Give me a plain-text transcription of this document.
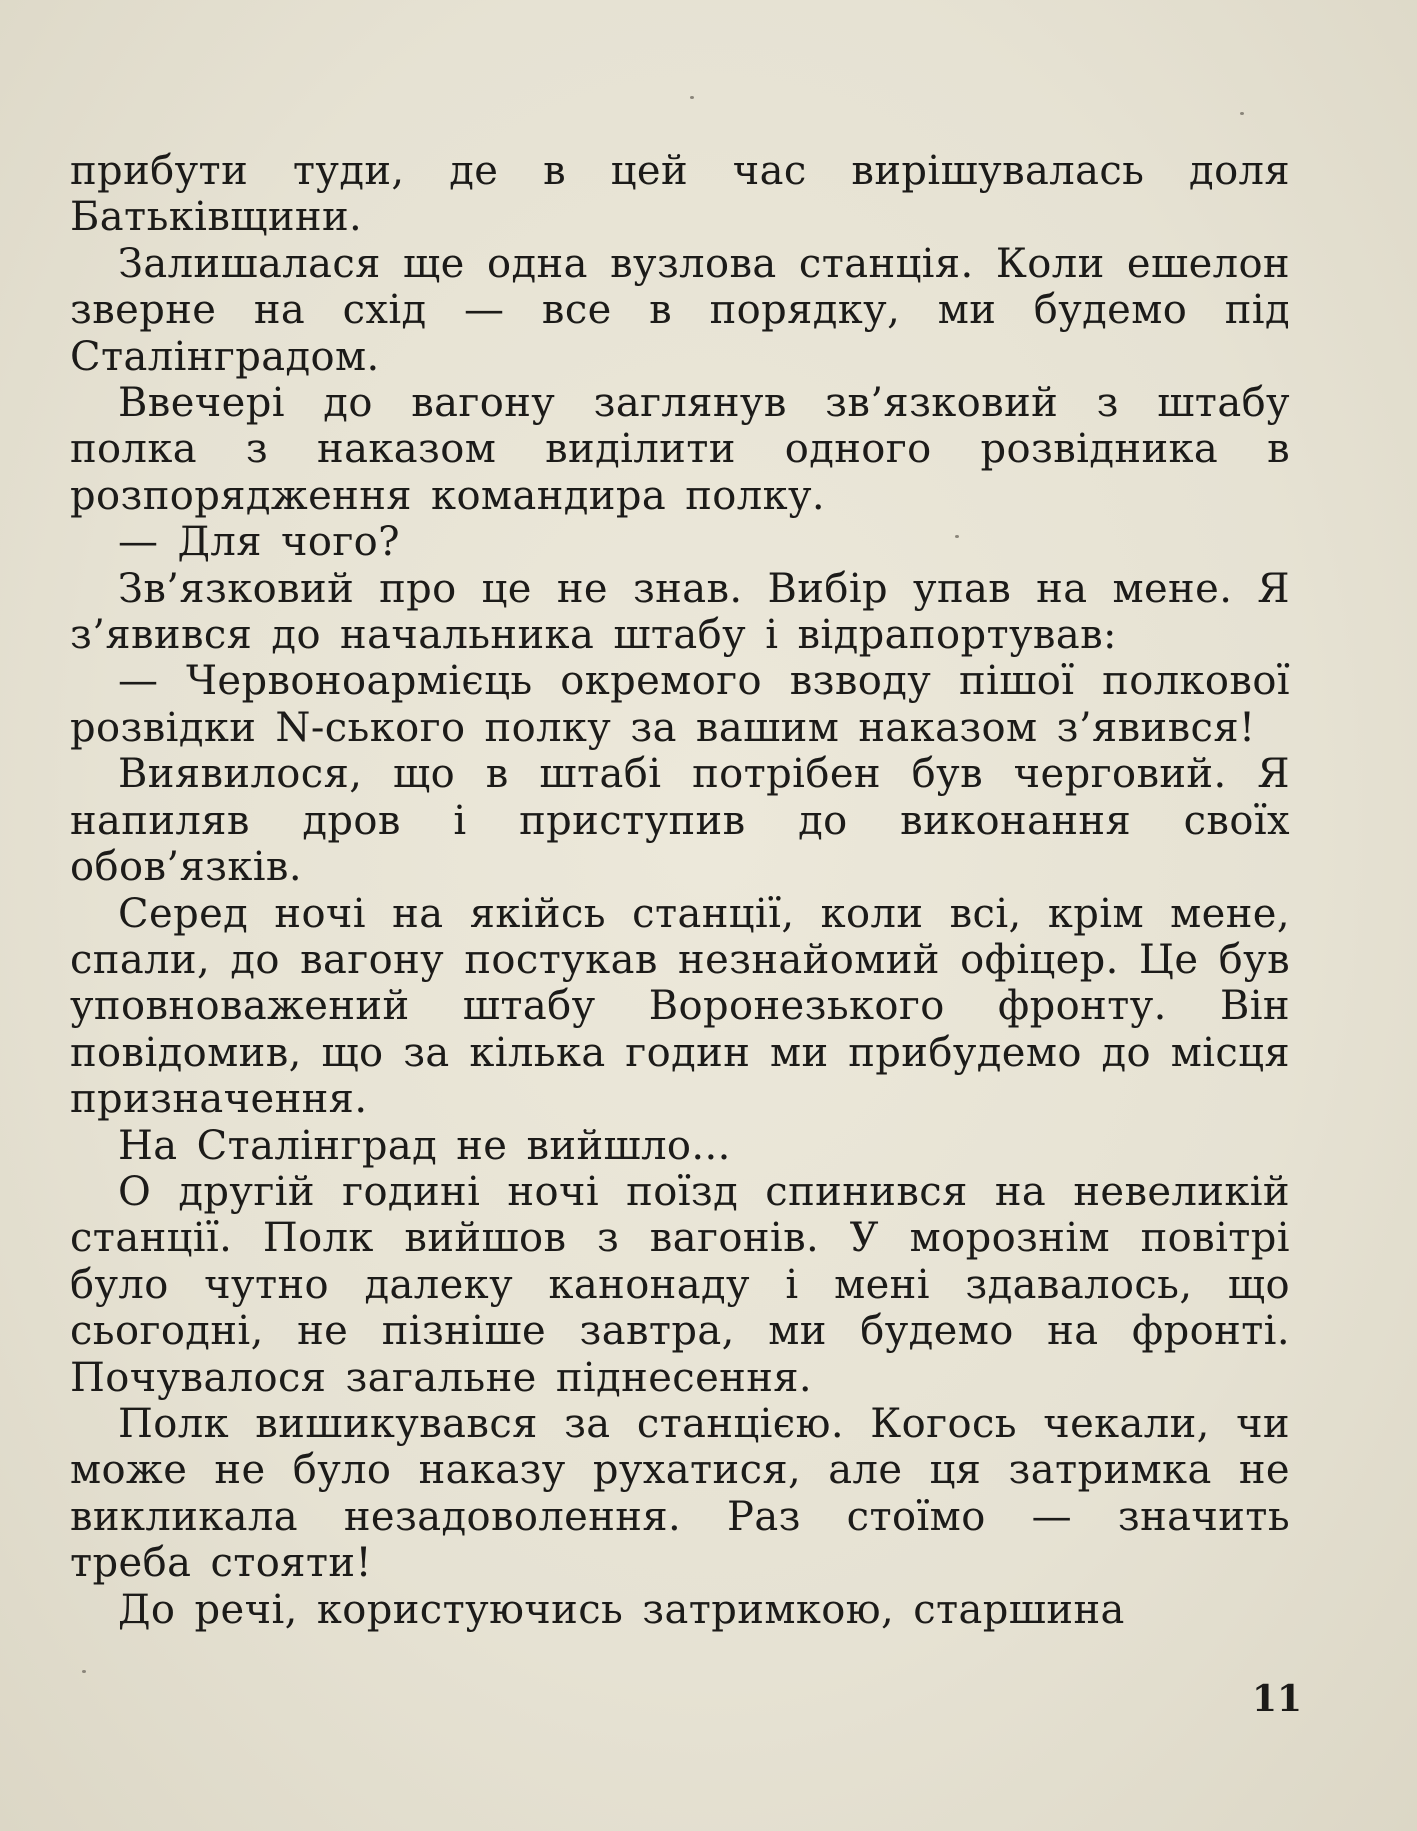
прибути туди, де в цей час вирішувалась доля Батьківщини.

Залишалася ще одна вузлова станція. Коли ешелон зверне на схід — все в порядку, ми будемо під Сталінградом.

Ввечері до вагону заглянув зв’язковий з штабу полка з наказом виділити одного розвідника в розпорядження командира полку.

— Для чого?

Зв’язковий про це не знав. Вибір упав на мене. Я з’явився до начальника штабу і відрапортував:

— Червоноармієць окремого взводу пішої полкової розвідки N-ського полку за вашим наказом з’явився!

Виявилося, що в штабі потрібен був черговий. Я напиляв дров і приступив до виконання своїх обов’язків.

Серед ночі на якійсь станції, коли всі, крім мене, спали, до вагону постукав незнайомий офіцер. Це був уповноважений штабу Воронезького фронту. Він повідомив, що за кілька годин ми прибудемо до місця призначення.

На Сталінград не вийшло...

О другій годині ночі поїзд спинився на невеликій станції. Полк вийшов з вагонів. У морознім повітрі було чутно далеку канонаду і мені здавалось, що сьогодні, не пізніше завтра, ми будемо на фронті. Почувалося загальне піднесення.

Полк вишикувався за станцією. Когось чекали, чи може не було наказу рухатися, але ця затримка не викликала незадоволення. Раз стоїмо — значить треба стояти!

До речі, користуючись затримкою, старшина

11
